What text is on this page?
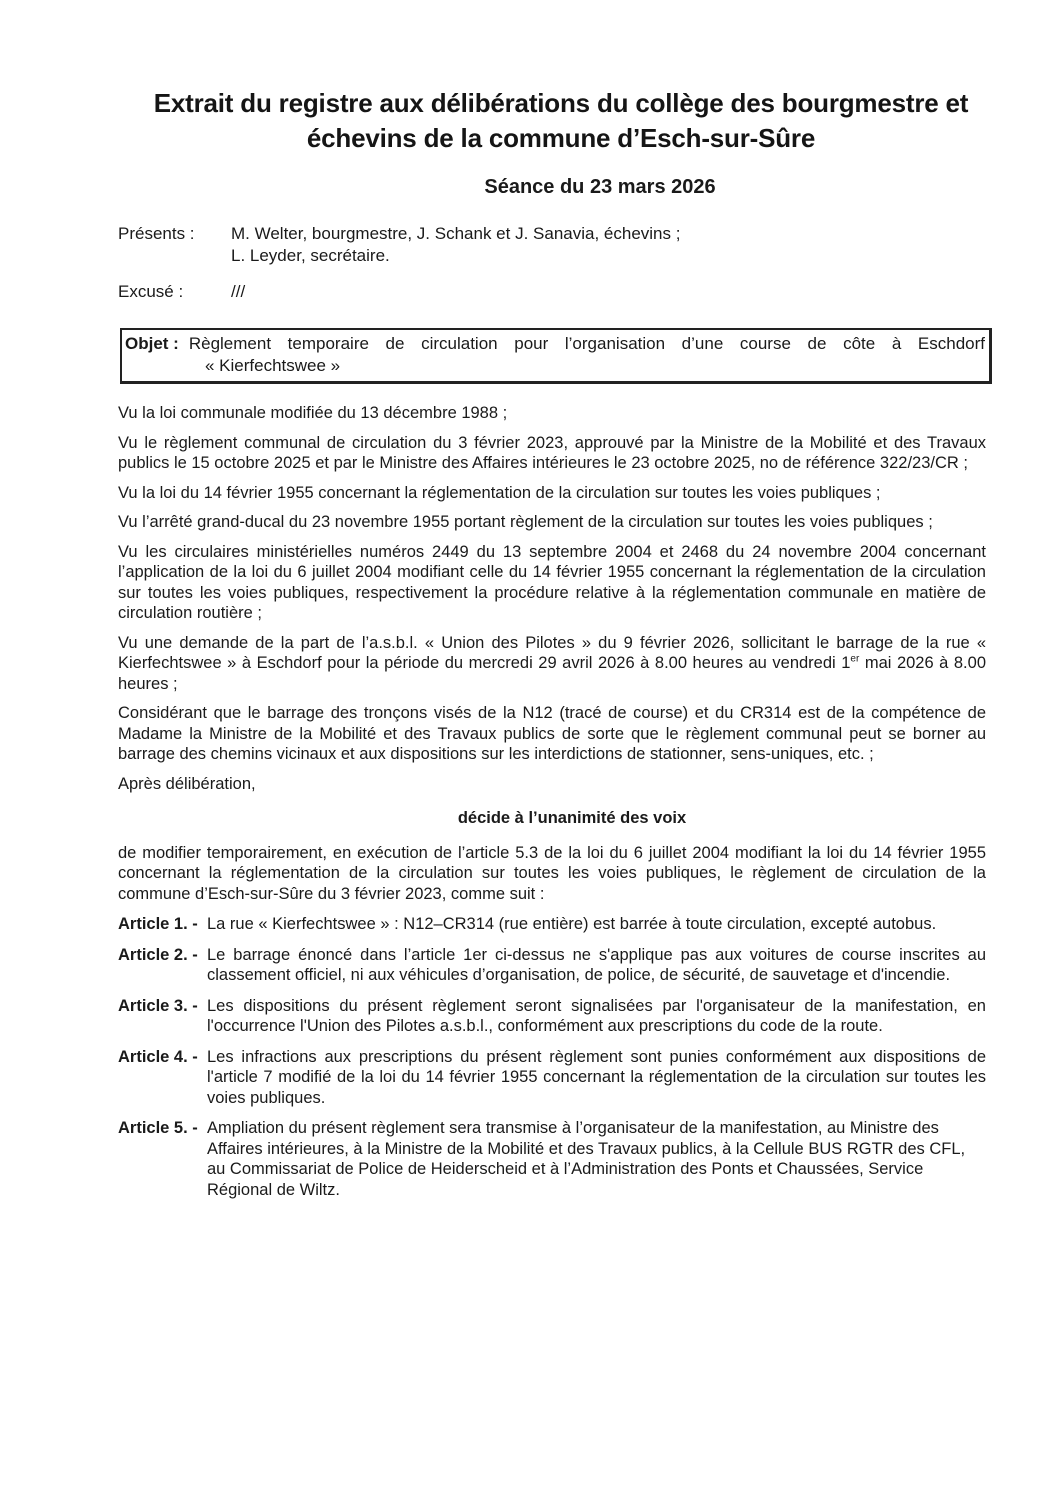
Extrait du registre aux délibérations du collège des bourgmestre et échevins de la commune d’Esch-sur-Sûre
Séance du 23 mars 2026
Présents :	M. Welter, bourgmestre, J. Schank et J. Sanavia, échevins ;
L. Leyder, secrétaire.
Excusé :	///
Objet : Règlement temporaire de circulation pour l’organisation d’une course de côte à Eschdorf
« Kierfechtswee »

Vu la loi communale modifiée du 13 décembre 1988 ;

Vu le règlement communal de circulation du 3 février 2023, approuvé par la Ministre de la Mobilité et des Travaux publics le 15 octobre 2025 et par le Ministre des Affaires intérieures le 23 octobre 2025, no de référence 322/23/CR ;

Vu la loi du 14 février 1955 concernant la réglementation de la circulation sur toutes les voies publiques ;

Vu l’arrêté grand-ducal du 23 novembre 1955 portant règlement de la circulation sur toutes les voies publiques ;

Vu les circulaires ministérielles numéros 2449 du 13 septembre 2004 et 2468 du 24 novembre 2004 concernant l’application de la loi du 6 juillet 2004 modifiant celle du 14 février 1955 concernant la réglementation de la circulation sur toutes les voies publiques, respectivement la procédure relative à la réglementation communale en matière de circulation routière ;

Vu une demande de la part de l’a.s.b.l. « Union des Pilotes » du 9 février 2026, sollicitant le barrage de la rue « Kierfechtswee » à Eschdorf pour la période du mercredi 29 avril 2026 à 8.00 heures au vendredi 1er mai 2026 à 8.00 heures ;

Considérant que le barrage des tronçons visés de la N12 (tracé de course) et du CR314 est de la compétence de Madame la Ministre de la Mobilité et des Travaux publics de sorte que le règlement communal peut se borner au barrage des chemins vicinaux et aux dispositions sur les interdictions de stationner, sens-uniques, etc. ;

Après délibération,

décide à l’unanimité des voix

de modifier temporairement, en exécution de l’article 5.3 de la loi du 6 juillet 2004 modifiant la loi du 14 février 1955 concernant la réglementation de la circulation sur toutes les voies publiques, le règlement de circulation de la commune d’Esch-sur-Sûre du 3 février 2023, comme suit :

Article 1. - La rue « Kierfechtswee » : N12–CR314 (rue entière) est barrée à toute circulation, excepté autobus.
Article 2. - Le barrage énoncé dans l’article 1er ci-dessus ne s'applique pas aux voitures de course inscrites au classement officiel, ni aux véhicules d’organisation, de police, de sécurité, de sauvetage et d'incendie.
Article 3. - Les dispositions du présent règlement seront signalisées par l'organisateur de la manifestation, en l'occurrence l'Union des Pilotes a.s.b.l., conformément aux prescriptions du code de la route.
Article 4. - Les infractions aux prescriptions du présent règlement sont punies conformément aux dispositions de l'article 7 modifié de la loi du 14 février 1955 concernant la réglementation de la circulation sur toutes les voies publiques.
Article 5. - Ampliation du présent règlement sera transmise à l’organisateur de la manifestation, au Ministre des Affaires intérieures, à la Ministre de la Mobilité et des Travaux publics, à la Cellule BUS RGTR des CFL, au Commissariat de Police de Heiderscheid et à l’Administration des Ponts et Chaussées, Service Régional de Wiltz.
